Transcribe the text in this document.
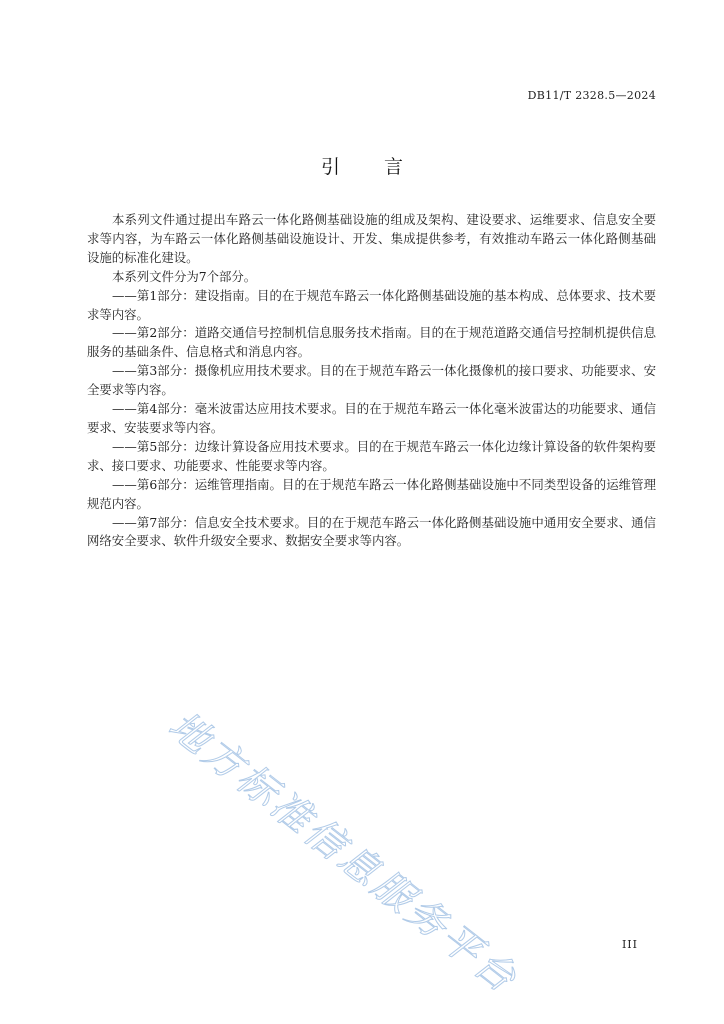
DB11/T 2328.5—2024
引言

本系列文件通过提出车路云一体化路侧基础设施的组成及架构、建设要求、运维要求、信息安全要求等内容，为车路云一体化路侧基础设施设计、开发、集成提供参考，有效推动车路云一体化路侧基础设施的标准化建设。

本系列文件分为7个部分。

——第1部分：建设指南。目的在于规范车路云一体化路侧基础设施的基本构成、总体要求、技术要求等内容。

——第2部分：道路交通信号控制机信息服务技术指南。目的在于规范道路交通信号控制机提供信息服务的基础条件、信息格式和消息内容。

——第3部分：摄像机应用技术要求。目的在于规范车路云一体化摄像机的接口要求、功能要求、安全要求等内容。

——第4部分：毫米波雷达应用技术要求。目的在于规范车路云一体化毫米波雷达的功能要求、通信要求、安装要求等内容。

——第5部分：边缘计算设备应用技术要求。目的在于规范车路云一体化边缘计算设备的软件架构要求、接口要求、功能要求、性能要求等内容。

——第6部分：运维管理指南。目的在于规范车路云一体化路侧基础设施中不同类型设备的运维管理规范内容。

——第7部分：信息安全技术要求。目的在于规范车路云一体化路侧基础设施中通用安全要求、通信网络安全要求、软件升级安全要求、数据安全要求等内容。

地方标准信息服务平台	III
